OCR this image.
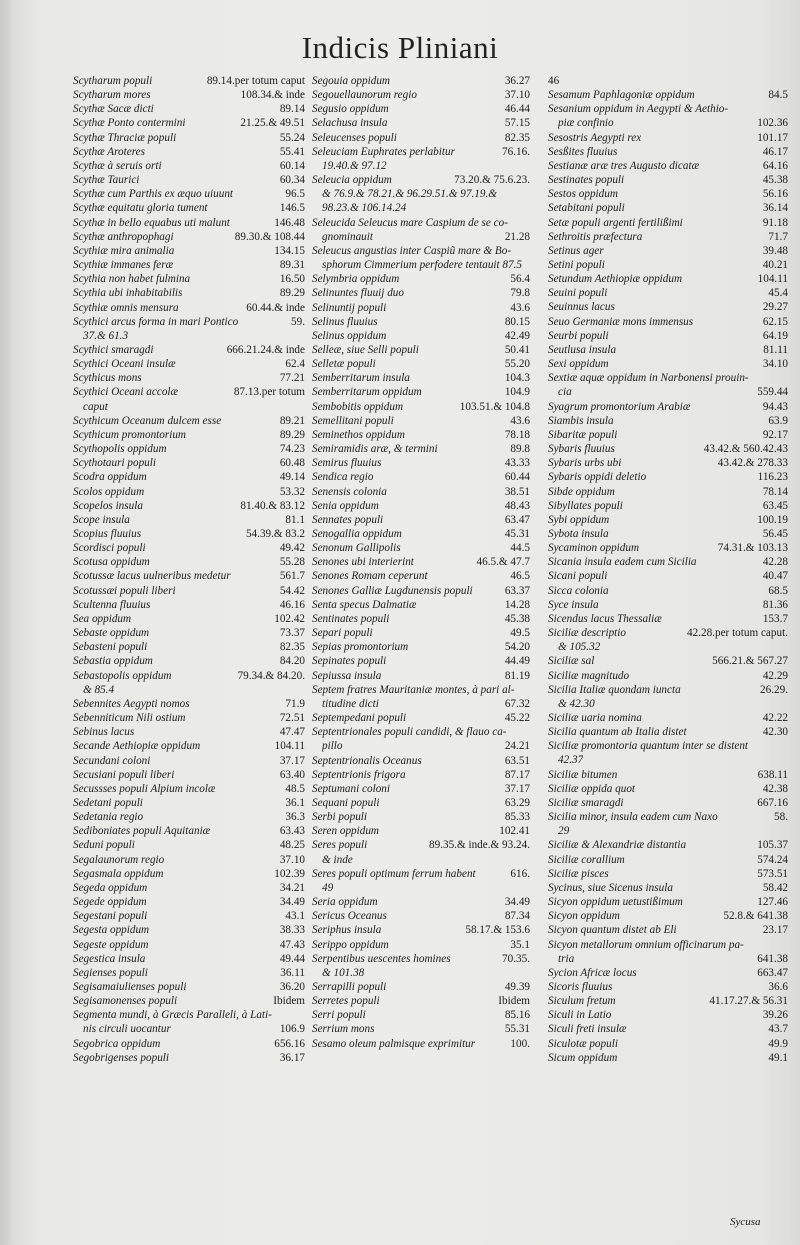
Indicis Pliniani
Scytharum populi	89.14.per totum caput
Scytharum mores	108.34.& inde
Scythæ Sacæ dicti	89.14
Scythæ Ponto contermini	21.25.& 49.51
Scythæ Thraciæ populi	55.24
Scythæ Aroteres	55.41
Scythæ à seruis orti	60.14
Scythæ Taurici	60.34
Scythæ cum Parthis ex æquo uiuunt	96.5
Scythæ equitatu gloria tument	146.5
Scythæ in bello equabus uti malunt	146.48
Scythæ anthropophagi	89.30.& 108.44
Scythiæ mira animalia	134.15
Scythiæ immanes feræ	89.31
Scythia non habet fulmina	16.50
Scythia ubi inhabitabilis	89.29
Scythiæ omnis mensura	60.44.& inde
Scythici arcus forma in mari Pontico	59.
37.& 61.3
Scythici smaragdi	666.21.24.& inde
Scythici Oceani insulæ	62.4
Scythicus mons	77.21
Scythici Oceani accolæ	87.13.per totum
caput
Scythicum Oceanum dulcem esse	89.21
Scythicum promontorium	89.29
Scythopolis oppidum	74.23
Scythotauri populi	60.48
Scodra oppidum	49.14
Scolos oppidum	53.32
Scopelos insula	81.40.& 83.12
Scope insula	81.1
Scopius fluuius	54.39.& 83.2
Scordisci populi	49.42
Scotusa oppidum	55.28
Scotussæ lacus uulneribus medetur	561.7
Scotussæi populi liberi	54.42
Scultenna fluuius	46.16
Sea oppidum	102.42
Sebaste oppidum	73.37
Sebasteni populi	82.35
Sebastia oppidum	84.20
Sebastopolis oppidum	79.34.& 84.20.
& 85.4
Sebennites Aegypti nomos	71.9
Sebenniticum Nili ostium	72.51
Sebinus lacus	47.47
Secande Aethiopiæ oppidum	104.11
Secundani coloni	37.17
Secusiani populi liberi	63.40
Secussses populi Alpium incolæ	48.5
Sedetani populi	36.1
Sedetania regio	36.3
Sediboniates populi Aquitaniæ	63.43
Seduni populi	48.25
Segalaunorum regio	37.10
Segasmala oppidum	102.39
Segeda oppidum	34.21
Segede oppidum	34.49
Segestani populi	43.1
Segesta oppidum	38.33
Segeste oppidum	47.43
Segestica insula	49.44
Segienses populi	36.11
Segisamaiulienses populi	36.20
Segisamonenses populi	Ibidem
Segmenta mundi, à Græcis Paralleli, à Lati-
nis circuli uocantur	106.9
Segobrica oppidum	656.16
Segobrigenses populi	36.17
Segouia oppidum	36.27
Segouellaunorum regio	37.10
Segusio oppidum	46.44
Selachusa insula	57.15
Seleucenses populi	82.35
Seleuciam Euphrates perlabitur	76.16.
19.40.& 97.12
Seleucia oppidum	73.20.& 75.6.23.
& 76.9.& 78.21.& 96.29.51.& 97.19.& 98.23.& 106.14.24
Seleucida Seleucus mare Caspium de se co-
gnominauit	21.28
Seleucus angustias inter Caspiũ mare & Bo-
sphorum Cimmerium perfodere tentauit 87.5
Selymbria oppidum	56.4
Selinuntes fluuij duo	79.8
Selinuntij populi	43.6
Selinus fluuius	80.15
Selinus oppidum	42.49
Selleæ, siue Selli populi	50.41
Selletæ populi	55.20
Semberritarum insula	104.3
Semberritarum oppidum	104.9
Sembobitis oppidum	103.51.& 104.8
Semellitani populi	43.6
Seminethos oppidum	78.18
Semiramidis aræ, & termini	89.8
Semirus fluuius	43.33
Sendica regio	60.44
Senensis colonia	38.51
Senia oppidum	48.43
Sennates populi	63.47
Senogallia oppidum	45.31
Senonum Gallipolis	44.5
Senones ubi interierint	46.5.& 47.7
Senones Romam ceperunt	46.5
Senones Galliæ Lugdunensis populi	63.37
Senta specus Dalmatiæ	14.28
Sentinates populi	45.38
Separi populi	49.5
Sepias promontorium	54.20
Sepinates populi	44.49
Sepiussa insula	81.19
Septem fratres Mauritaniæ montes, à pari al-
titudine dicti	67.32
Septempedani populi	45.22
Septentrionales populi candidi, & flauo ca-
pillo	24.21
Septentrionalis Oceanus	63.51
Septentrionis frigora	87.17
Septumani coloni	37.17
Sequani populi	63.29
Serbi populi	85.33
Seren oppidum	102.41
Seres populi	89.35.& inde.& 93.24.
& inde
Seres populi optimum ferrum habent	616.
49
Seria oppidum	34.49
Sericus Oceanus	87.34
Seriphus insula	58.17.& 153.6
Serippo oppidum	35.1
Serpentibus uescentes homines	70.35.
& 101.38
Serrapilli populi	49.39
Serretes populi	Ibidem
Serri populi	85.16
Serrium mons	55.31
Sesamo oleum palmisque exprimitur	100.
46
Sesamum Paphlagoniæ oppidum	84.5
Sesanium oppidum in Aegypti & Aethio-
piæ confinio	102.36
Sesostris Aegypti rex	101.17
Sesßites fluuius	46.17
Sestianæ aræ tres Augusto dicatæ	64.16
Sestinates populi	45.38
Sestos oppidum	56.16
Setabitani populi	36.14
Setæ populi argenti fertilißimi	91.18
Sethroitis præfectura	71.7
Setinus ager	39.48
Setini populi	40.21
Setundum Aethiopiæ oppidum	104.11
Seuini populi	45.4
Seuinnus lacus	29.27
Seuo Germaniæ mons immensus	62.15
Seurbi populi	64.19
Seutlusa insula	81.11
Sexi oppidum	34.10
Sextiæ aquæ oppidum in Narbonensi prouin-
cia	559.44
Syagrum promontorium Arabiæ	94.43
Siambis insula	63.9
Sibaritæ populi	92.17
Sybaris fluuius	43.42.& 560.42.43
Sybaris urbs ubi	43.42.& 278.33
Sybaris oppidi deletio	116.23
Sibde oppidum	78.14
Sibyllates populi	63.45
Sybi oppidum	100.19
Sybota insula	56.45
Sycaminon oppidum	74.31.& 103.13
Sicania insula eadem cum Sicilia	42.28
Sicani populi	40.47
Sicca colonia	68.5
Syce insula	81.36
Sicendus lacus Thessaliæ	153.7
Siciliæ descriptio	42.28.per totum caput.
& 105.32
Siciliæ sal	566.21.& 567.27
Siciliæ magnitudo	42.29
Sicilia Italiæ quondam iuncta	26.29.
& 42.30
Siciliæ uaria nomina	42.22
Sicilia quantum ab Italia distet	42.30
Siciliæ promontoria quantum inter se distent
42.37
Siciliæ bitumen	638.11
Siciliæ oppida quot	42.38
Siciliæ smaragdi	667.16
Sicilia minor, insula eadem cum Naxo	58.
29
Siciliæ & Alexandriæ distantia	105.37
Siciliæ corallium	574.24
Siciliæ pisces	573.51
Sycinus, siue Sicenus insula	58.42
Sicyon oppidum uetustißimum	127.46
Sicyon oppidum	52.8.& 641.38
Sicyon quantum distet ab Eli	23.17
Sicyon metallorum omnium officinarum pa-
tria	641.38
Sycion Africæ locus	663.47
Sicoris fluuius	36.6
Siculum fretum	41.17.27.& 56.31
Siculi in Latio	39.26
Siculi freti insulæ	43.7
Siculotæ populi	49.9
Sicum oppidum	49.1
Sycusa
